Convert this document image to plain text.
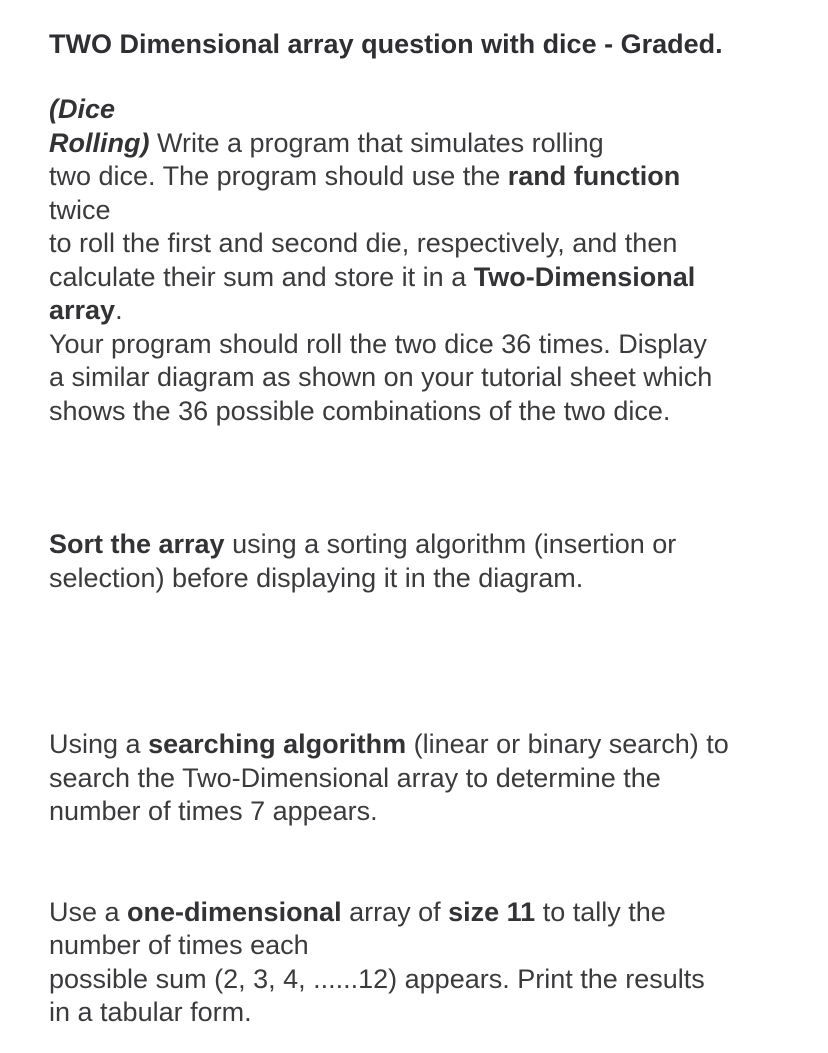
TWO Dimensional array question with dice - Graded.

(Dice
Rolling) Write a program that simulates rolling
two dice. The program should use the rand function
twice
to roll the first and second die, respectively, and then
calculate their sum and store it in a Two-Dimensional
array.
Your program should roll the two dice 36 times. Display
a similar diagram as shown on your tutorial sheet which
shows the 36 possible combinations of the two dice.

Sort the array using a sorting algorithm (insertion or
selection) before displaying it in the diagram.

Using a searching algorithm (linear or binary search) to
search the Two-Dimensional array to determine the
number of times 7 appears.

Use a one-dimensional array of size 11 to tally the
number of times each
possible sum (2, 3, 4, ......12) appears. Print the results
in a tabular form.
